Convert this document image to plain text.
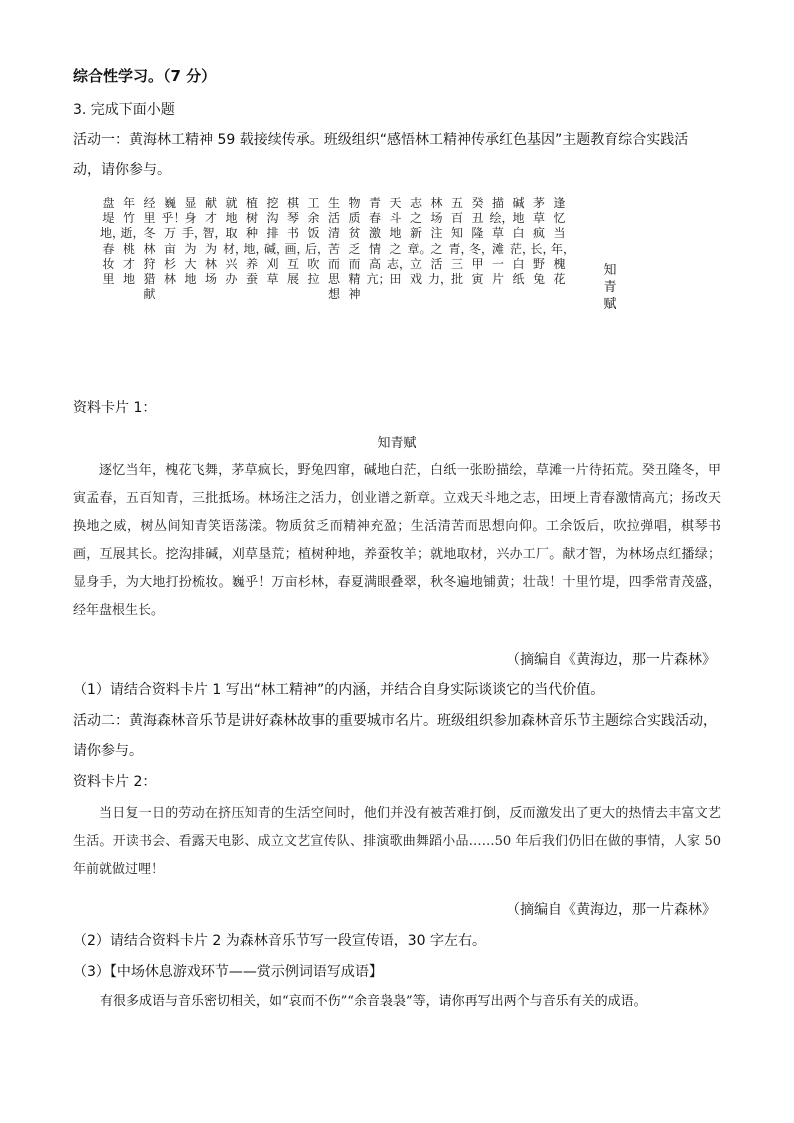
综合性学习。（7 分）
3. 完成下面小题
活动一：黄海林工精神 59 载接续传承。班级组织“感悟林工精神传承红色基因”主题教育综合实践活
动，请你参与。
逢忆当年，槐花
茅草疯长，野兔
碱地白茫，白纸
描绘，草滩一片
癸丑隆冬，甲寅
五百知青，三批
林场注之活力，
志之新章。立戏
天斗地之志，田
青春激情高亢；
物质贫乏而精神
生活清苦而思想
工余饭后，吹拉
棋琴书画，互展
挖沟排碱，刈草
植树种地，养蚕
就地取材，兴办
献才智，为林场
显身手，为大地
巍乎！万亩杉林
经里冬林狩猎献
年竹逝，桃才地
盘堤地，春妆里
知青赋
资料卡片 1：
知青赋
逐忆当年，槐花飞舞，茅草疯长，野兔四窜，碱地白茫，白纸一张盼描绘，草滩一片待拓荒。癸丑隆冬，甲寅孟春，五百知青，三批抵场。林场注之活力，创业谱之新章。立戏天斗地之志，田埂上青春激情高亢；扬改天换地之威，树丛间知青笑语荡漾。物质贫乏而精神充盈；生活清苦而思想向仰。工余饭后，吹拉弹唱，棋琴书画，互展其长。挖沟排碱，刈草垦荒；植树种地，养蚕牧羊；就地取材，兴办工厂。献才智，为林场点红播绿；显身手，为大地打扮梳妆。巍乎！万亩杉林，春夏满眼叠翠，秋冬遍地铺黄；壮哉！十里竹堤，四季常青茂盛，经年盘根生长。
（摘编自《黄海边，那一片森林》
（1）请结合资料卡片 1 写出“林工精神”的内涵，并结合自身实际谈谈它的当代价值。
活动二：黄海森林音乐节是讲好森林故事的重要城市名片。班级组织参加森林音乐节主题综合实践活动，
请你参与。
资料卡片 2：
当日复一日的劳动在挤压知青的生活空间时，他们并没有被苦难打倒，反而激发出了更大的热情去丰富文艺生活。开读书会、看露天电影、成立文艺宣传队、排演歌曲舞蹈小品……50 年后我们仍旧在做的事情，人家 50 年前就做过哩！
（摘编自《黄海边，那一片森林》
（2）请结合资料卡片 2 为森林音乐节写一段宣传语，30 字左右。
（3）【中场休息游戏环节——赏示例词语写成语】
有很多成语与音乐密切相关，如“哀而不伤”“余音袅袅”等，请你再写出两个与音乐有关的成语。
